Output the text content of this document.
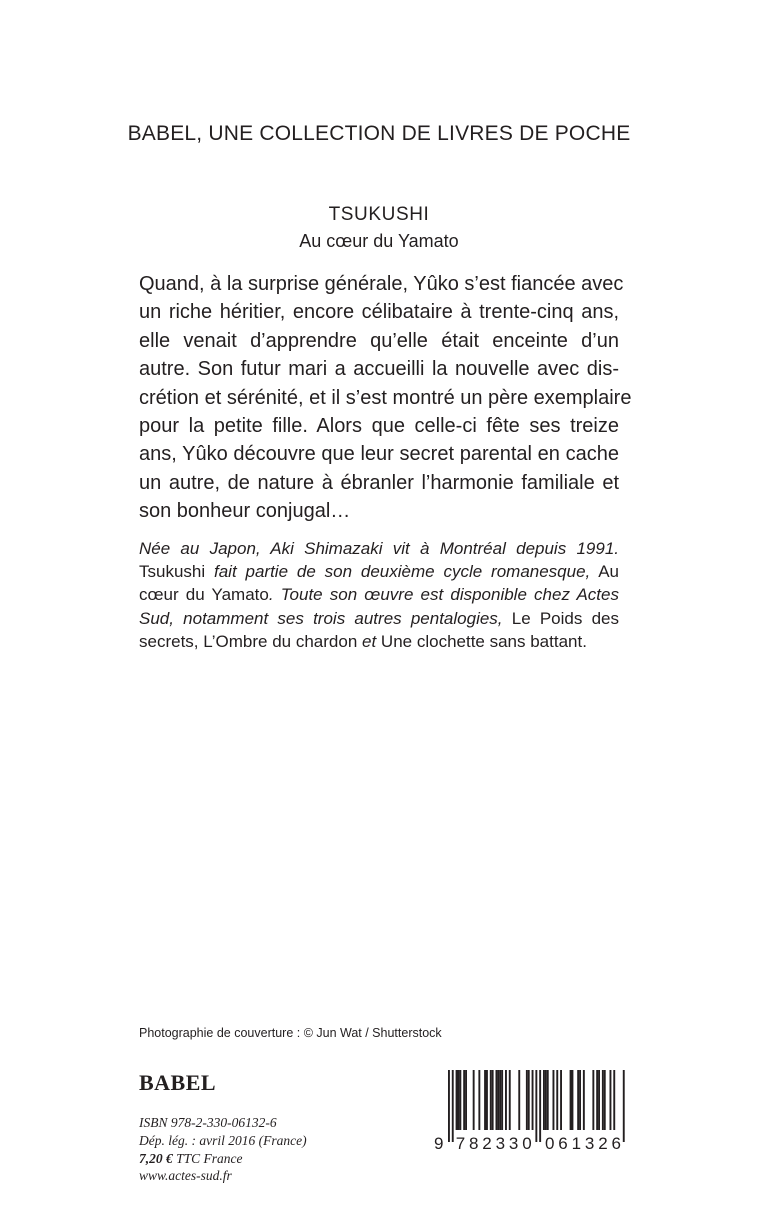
BABEL, UNE COLLECTION DE LIVRES DE POCHE
TSUKUSHI
Au cœur du Yamato
Quand, à la surprise générale, Yûko s’est fiancée avec
un riche héritier, encore célibataire à trente-cinq ans,
elle venait d’apprendre qu’elle était enceinte d’un
autre. Son futur mari a accueilli la nouvelle avec dis-
crétion et sérénité, et il s’est montré un père exemplaire
pour la petite fille. Alors que celle-ci fête ses treize
ans, Yûko découvre que leur secret parental en cache
un autre, de nature à ébranler l’harmonie familiale et
son bonheur conjugal…
Née au Japon, Aki Shimazaki vit à Montréal depuis 1991.
Tsukushi fait partie de son deuxième cycle romanesque, Au
cœur du Yamato. Toute son œuvre est disponible chez Actes
Sud, notamment ses trois autres pentalogies, Le Poids des
secrets, L’Ombre du chardon et Une clochette sans battant.
Photographie de couverture : © Jun Wat / Shutterstock
BABEL
ISBN 978-2-330-06132-6
Dép. lég. : avril 2016 (France)
7,20 € TTC France
www.actes-sud.fr
9 7 8 2 3 3 0 0 6 1 3 2 6
